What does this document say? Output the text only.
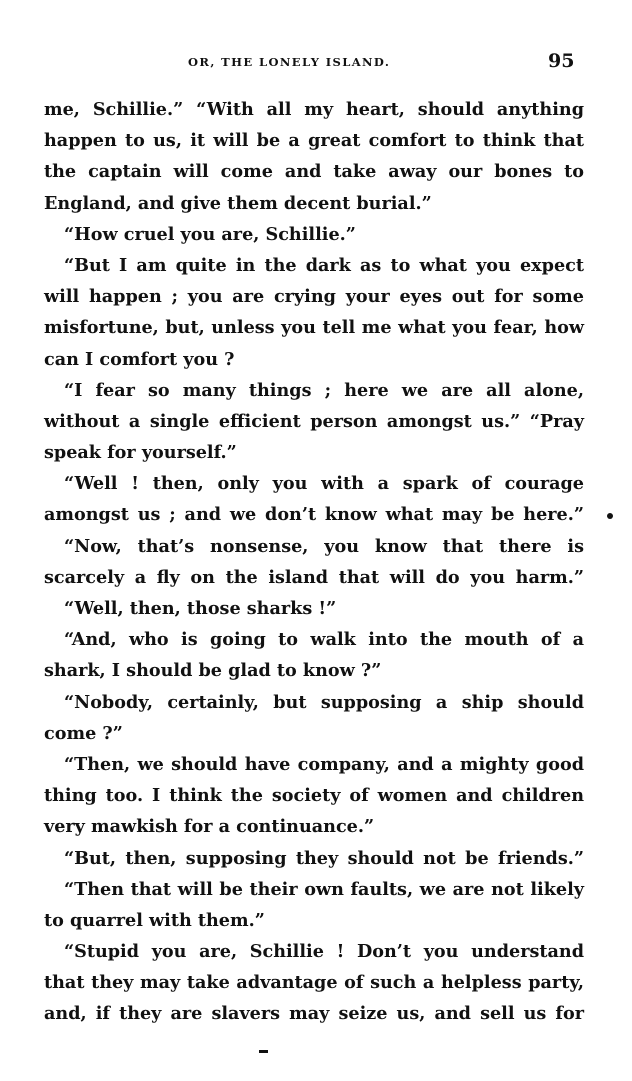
OR, THE LONELY ISLAND.	95
me, Schillie.” “With all my heart, should anything
happen to us, it will be a great comfort to think that
the captain will come and take away our bones to
England, and give them decent burial.”
“How cruel you are, Schillie.”
“But I am quite in the dark as to what you expect
will happen ; you are crying your eyes out for some
misfortune, but, unless you tell me what you fear, how
can I comfort you ?
“I fear so many things ; here we are all alone,
without a single efficient person amongst us.” “Pray
speak for yourself.”
“Well ! then, only you with a spark of courage
amongst us ; and we don’t know what may be here.”
“Now, that’s nonsense, you know that there is
scarcely a fly on the island that will do you harm.”
“Well, then, those sharks !”
“And, who is going to walk into the mouth of a
shark, I should be glad to know ?”
“Nobody, certainly, but supposing a ship should
come ?”
“Then, we should have company, and a mighty good
thing too. I think the society of women and children
very mawkish for a continuance.”
“But, then, supposing they should not be friends.”
“Then that will be their own faults, we are not likely
to quarrel with them.”
“Stupid you are, Schillie ! Don’t you understand
that they may take advantage of such a helpless party,
and, if they are slavers may seize us, and sell us for
